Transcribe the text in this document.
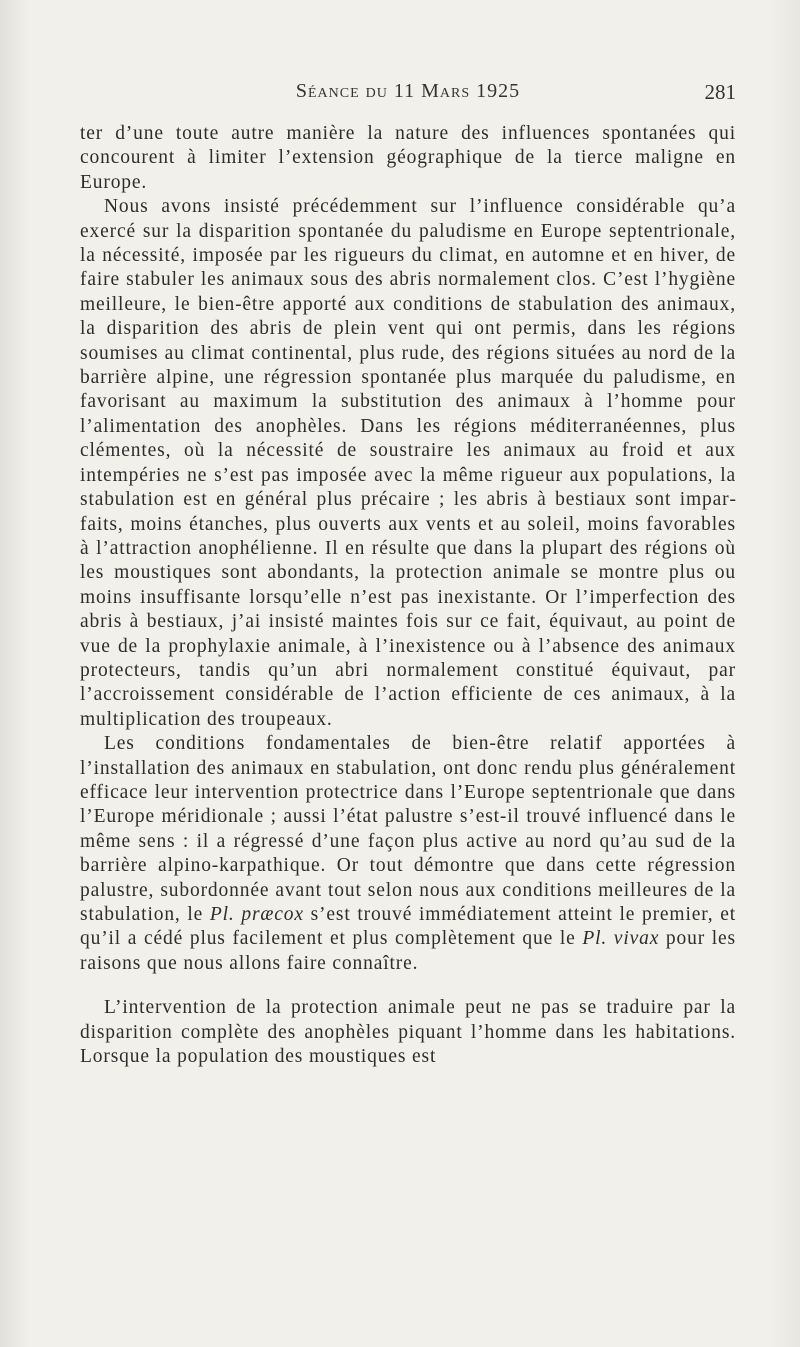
Séance du 11 Mars 1925	281

ter d’une toute autre manière la nature des influences spontanées qui concourent à limiter l’extension géographique de la tierce maligne en Europe.

Nous avons insisté précédemment sur l’influence considérable qu’a exercé sur la disparition spontanée du paludisme en Europe septentrionale, la nécessité, imposée par les rigueurs du climat, en automne et en hiver, de faire stabuler les animaux sous des abris normalement clos. C’est l’hygiène meilleure, le bien-être apporté aux conditions de stabulation des animaux, la disparition des abris de plein vent qui ont permis, dans les régions soumises au climat continental, plus rude, des régions situées au nord de la barrière alpine, une régression spontanée plus marquée du paludisme, en favorisant au maximum la substitution des animaux à l’homme pour l’alimentation des anophèles. Dans les régions méditerranéennes, plus clémentes, où la nécessité de soustraire les animaux au froid et aux intempéries ne s’est pas imposée avec la même rigueur aux populations, la stabulation est en général plus précaire ; les abris à bestiaux sont imparfaits, moins étanches, plus ouverts aux vents et au soleil, moins favorables à l’attraction anophélienne. Il en résulte que dans la plupart des régions où les moustiques sont abondants, la protection animale se montre plus ou moins insuffisante lorsqu’elle n’est pas inexistante. Or l’imperfection des abris à bestiaux, j’ai insisté maintes fois sur ce fait, équivaut, au point de vue de la prophylaxie animale, à l’inexistence ou à l’absence des animaux protecteurs, tandis qu’un abri normalement constitué équivaut, par l’accroissement considérable de l’action efficiente de ces animaux, à la multiplication des troupeaux.

Les conditions fondamentales de bien-être relatif apportées à l’installation des animaux en stabulation, ont donc rendu plus généralement efficace leur intervention protectrice dans l’Europe septentrionale que dans l’Europe méridionale ; aussi l’état palustre s’est-il trouvé influencé dans le même sens : il a régressé d’une façon plus active au nord qu’au sud de la barrière alpino-karpathique. Or tout démontre que dans cette régression palustre, subordonnée avant tout selon nous aux conditions meilleures de la stabulation, le Pl. præcox s’est trouvé immédiatement atteint le premier, et qu’il a cédé plus facilement et plus complètement que le Pl. vivax pour les raisons que nous allons faire connaître.

L’intervention de la protection animale peut ne pas se traduire par la disparition complète des anophèles piquant l’homme dans les habitations. Lorsque la population des moustiques est
